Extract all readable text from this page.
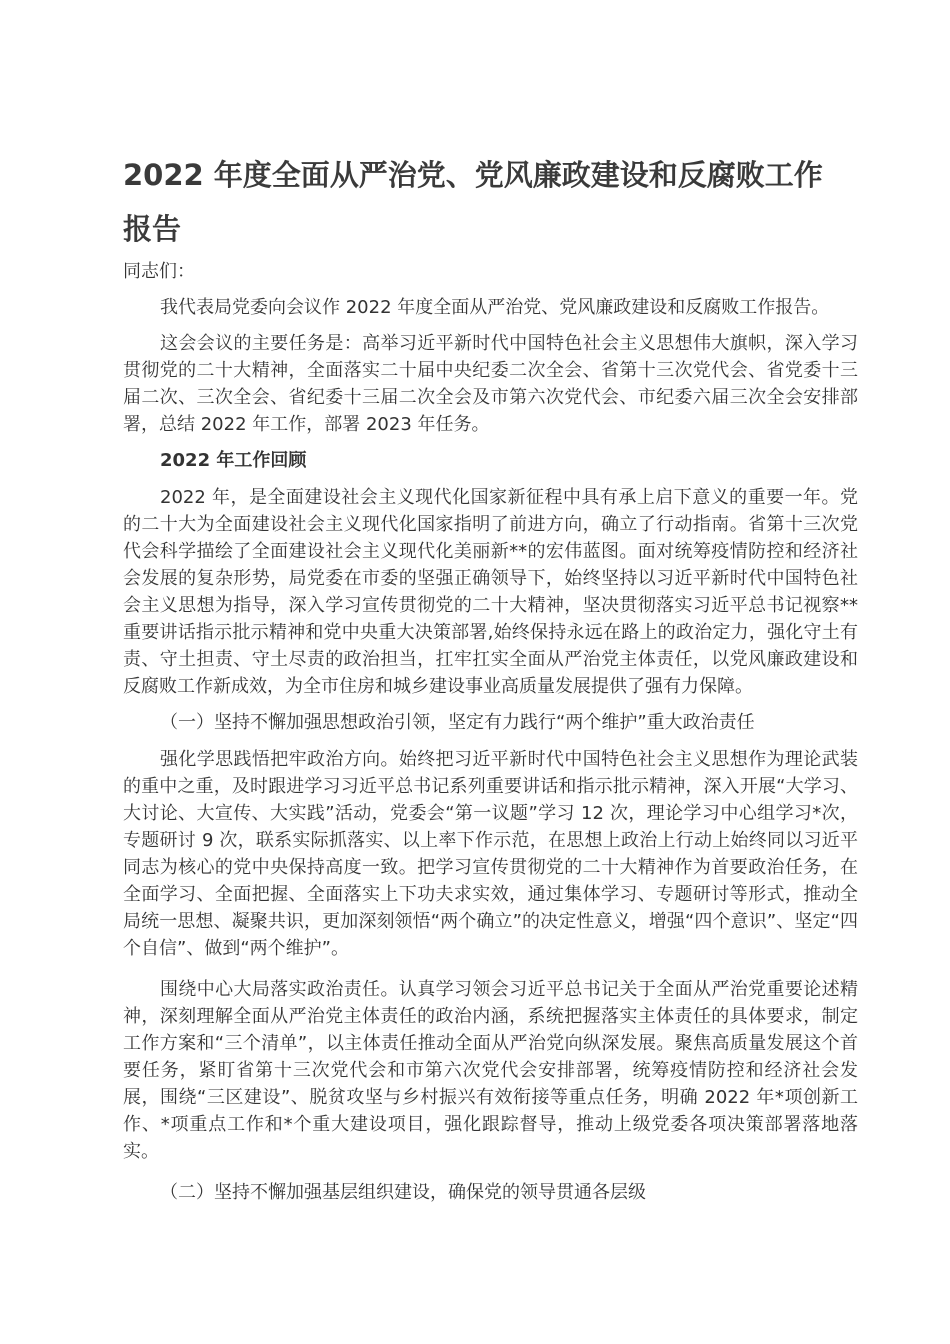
2022 年度全面从严治党、党风廉政建设和反腐败工作报告

同志们：

我代表局党委向会议作 2022 年度全面从严治党、党风廉政建设和反腐败工作报告。

这会会议的主要任务是：高举习近平新时代中国特色社会主义思想伟大旗帜，深入学习贯彻党的二十大精神，全面落实二十届中央纪委二次全会、省第十三次党代会、省党委十三届二次、三次全会、省纪委十三届二次全会及市第六次党代会、市纪委六届三次全会安排部署，总结 2022 年工作，部署 2023 年任务。

2022 年工作回顾

2022 年，是全面建设社会主义现代化国家新征程中具有承上启下意义的重要一年。党的二十大为全面建设社会主义现代化国家指明了前进方向，确立了行动指南。省第十三次党代会科学描绘了全面建设社会主义现代化美丽新**的宏伟蓝图。面对统筹疫情防控和经济社会发展的复杂形势，局党委在市委的坚强正确领导下，始终坚持以习近平新时代中国特色社会主义思想为指导，深入学习宣传贯彻党的二十大精神，坚决贯彻落实习近平总书记视察**重要讲话指示批示精神和党中央重大决策部署,始终保持永远在路上的政治定力，强化守土有责、守土担责、守土尽责的政治担当，扛牢扛实全面从严治党主体责任，以党风廉政建设和反腐败工作新成效，为全市住房和城乡建设事业高质量发展提供了强有力保障。

（一）坚持不懈加强思想政治引领，坚定有力践行“两个维护”重大政治责任

强化学思践悟把牢政治方向。始终把习近平新时代中国特色社会主义思想作为理论武装的重中之重，及时跟进学习习近平总书记系列重要讲话和指示批示精神，深入开展“大学习、大讨论、大宣传、大实践”活动，党委会“第一议题”学习 12 次，理论学习中心组学习*次，专题研讨 9 次，联系实际抓落实、以上率下作示范，在思想上政治上行动上始终同以习近平同志为核心的党中央保持高度一致。把学习宣传贯彻党的二十大精神作为首要政治任务，在全面学习、全面把握、全面落实上下功夫求实效，通过集体学习、专题研讨等形式，推动全局统一思想、凝聚共识，更加深刻领悟“两个确立”的决定性意义，增强“四个意识”、坚定“四个自信”、做到“两个维护”。

围绕中心大局落实政治责任。认真学习领会习近平总书记关于全面从严治党重要论述精神，深刻理解全面从严治党主体责任的政治内涵，系统把握落实主体责任的具体要求，制定工作方案和“三个清单”，以主体责任推动全面从严治党向纵深发展。聚焦高质量发展这个首要任务，紧盯省第十三次党代会和市第六次党代会安排部署，统筹疫情防控和经济社会发展，围绕“三区建设”、脱贫攻坚与乡村振兴有效衔接等重点任务，明确 2022 年*项创新工作、*项重点工作和*个重大建设项目，强化跟踪督导，推动上级党委各项决策部署落地落实。

（二）坚持不懈加强基层组织建设，确保党的领导贯通各层级
